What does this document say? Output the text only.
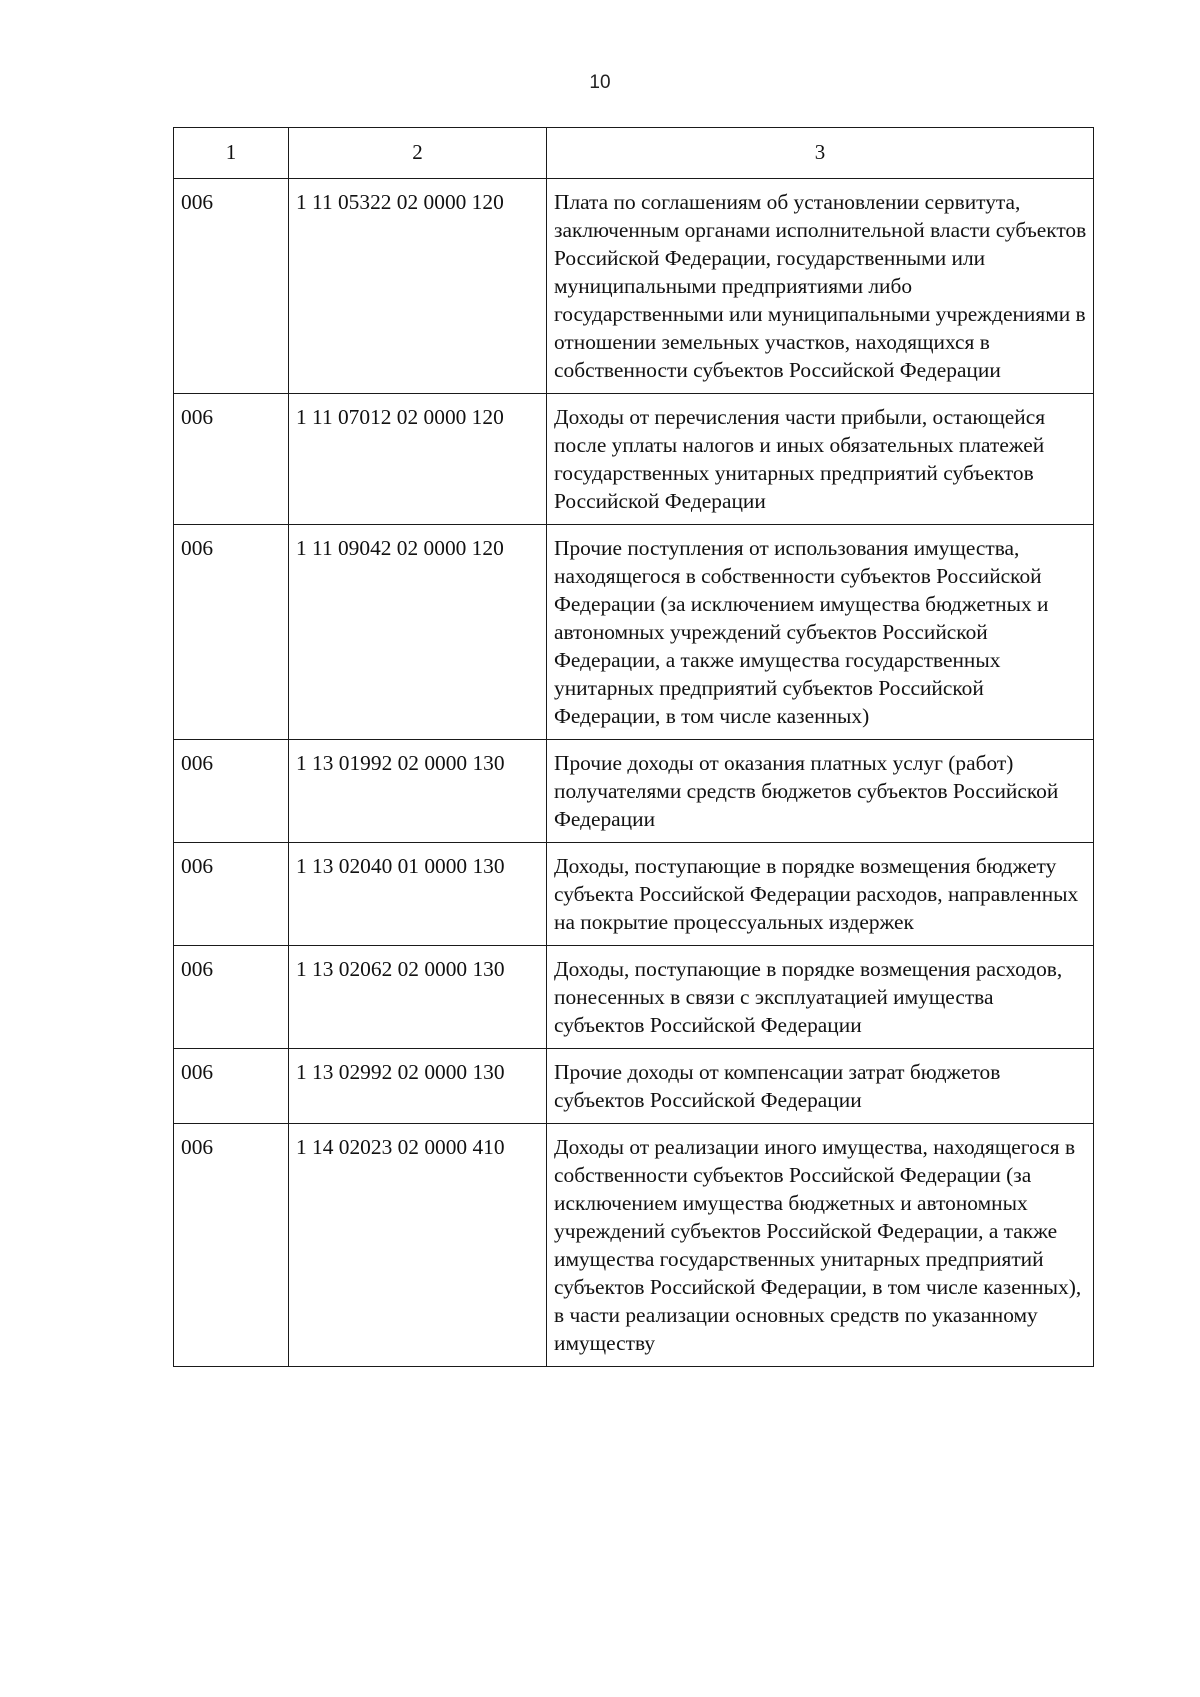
10
1	2	3
006	1 11 05322 02 0000 120	Плата по соглашениям об установлении сервитута, заключенным органами исполнительной власти субъектов Российской Федерации, государственными или муниципальными предприятиями либо государственными или муниципальными учреждениями в отношении земельных участков, находящихся в собственности субъектов Российской Федерации
006	1 11 07012 02 0000 120	Доходы от перечисления части прибыли, остающейся после уплаты налогов и иных обязательных платежей государственных унитарных предприятий субъектов Российской Федерации
006	1 11 09042 02 0000 120	Прочие поступления от использования имущества, находящегося в собственности субъектов Российской Федерации (за исключением имущества бюджетных и автономных учреждений субъектов Российской Федерации, а также имущества государственных унитарных предприятий субъектов Российской Федерации, в том числе казенных)
006	1 13 01992 02 0000 130	Прочие доходы от оказания платных услуг (работ) получателями средств бюджетов субъектов Российской Федерации
006	1 13 02040 01 0000 130	Доходы, поступающие в порядке возмещения бюджету субъекта Российской Федерации расходов, направленных на покрытие процессуальных издержек
006	1 13 02062 02 0000 130	Доходы, поступающие в порядке возмещения расходов, понесенных в связи с эксплуатацией имущества субъектов Российской Федерации
006	1 13 02992 02 0000 130	Прочие доходы от компенсации затрат бюджетов субъектов Российской Федерации
006	1 14 02023 02 0000 410	Доходы от реализации иного имущества, находящегося в собственности субъектов Российской Федерации (за исключением имущества бюджетных и автономных учреждений субъектов Российской Федерации, а также имущества государственных унитарных предприятий субъектов Российской Федерации, в том числе казенных), в части реализации основных средств по указанному имуществу
